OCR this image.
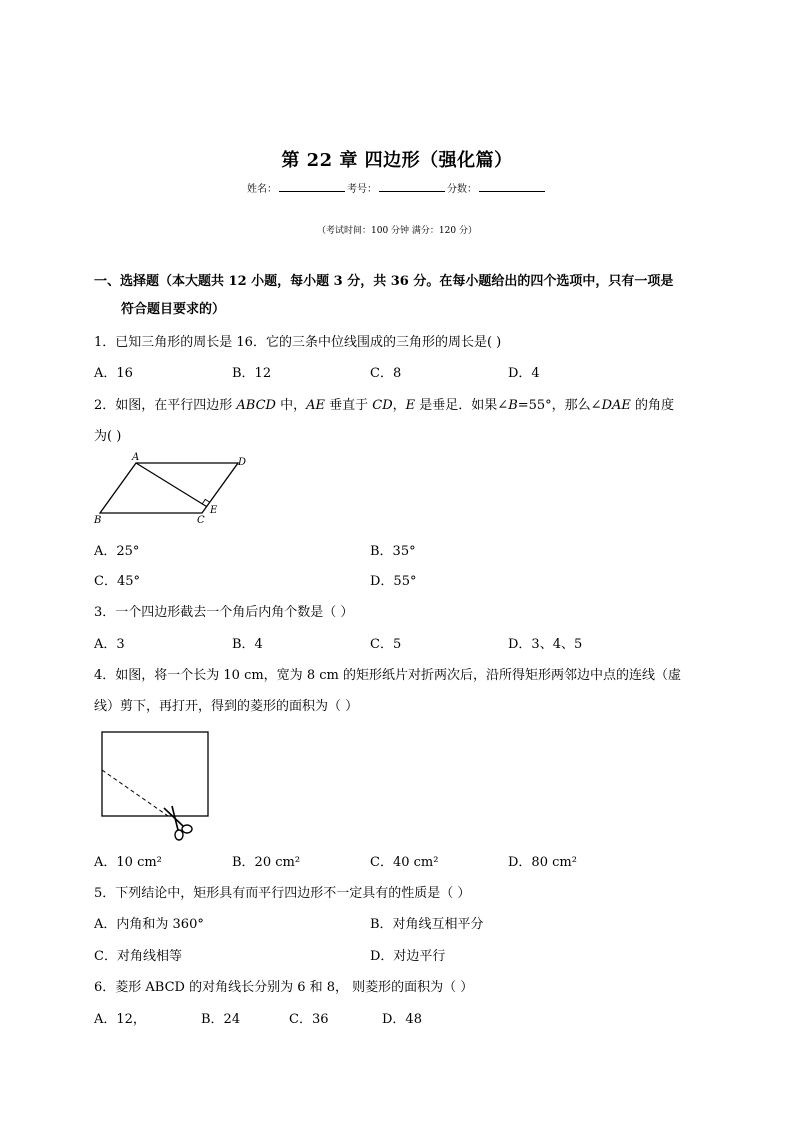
第 22 章 四边形（强化篇）
姓名：	考号：	分数：
（考试时间：100 分钟 满分：120 分）
一、选择题（本大题共 12 小题，每小题 3 分，共 36 分。在每小题给出的四个选项中，只有一项是
符合题目要求的）
1．已知三角形的周长是 16．它的三条中位线围成的三角形的周长是( )
A．16	B．12	C．8	D．4
2．如图，在平行四边形 ABCD 中，AE 垂直于 CD，E 是垂足．如果∠B=55°，那么∠DAE 的角度
为( )
A	D
B	C
E
A．25°	B．35°
C．45°	D．55°
3．一个四边形截去一个角后内角个数是（ ）
A．3	B．4	C．5	D．3、4、5
4．如图，将一个长为 10 cm，宽为 8 cm 的矩形纸片对折两次后，沿所得矩形两邻边中点的连线（虚
线）剪下，再打开，得到的菱形的面积为（ ）
A．10 cm²	B．20 cm²	C．40 cm²	D．80 cm²
5．下列结论中，矩形具有而平行四边形不一定具有的性质是（ ）
A．内角和为 360°	B．对角线互相平分
C．对角线相等	D．对边平行
6．菱形 ABCD 的对角线长分别为 6 和 8， 则菱形的面积为（ ）
A．12，	B．24	C．36	D．48
